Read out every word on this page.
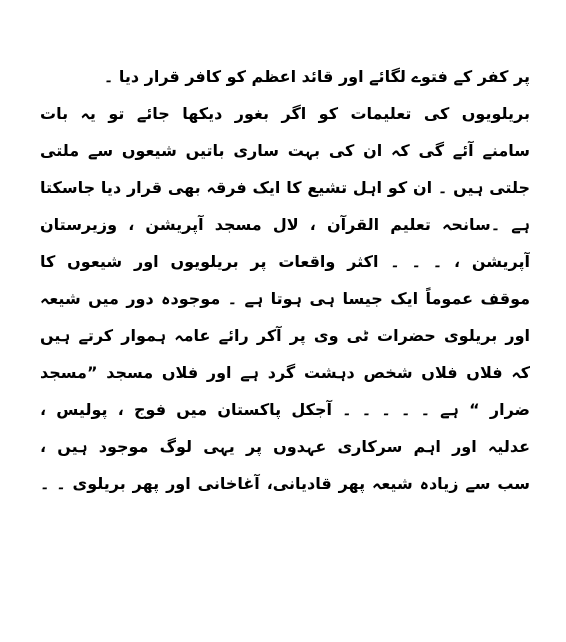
پر کفر کے فتوے لگائے اور قائد اعظم کو کافر قرار دیا ۔
بریلویوں کی تعلیمات کو اگر بغور دیکھا جائے تو یہ بات
سامنے آئے گی کہ ان کی بہت ساری باتیں شیعوں سے ملتی
جلتی ہیں ۔ ان کو اہل تشیع کا ایک فرقہ بھی قرار دیا جاسکتا
ہے ۔سانحہ تعلیم القرآن ، لال مسجد آپریشن ، وزیرستان
آپریشن ، ۔ ۔ ۔ اکثر واقعات پر بریلویوں اور شیعوں کا
موقف عموماً ایک جیسا ہی ہوتا ہے ۔ موجودہ دور میں شیعہ
اور بریلوی حضرات ٹی وی پر آکر رائے عامہ ہموار کرتے ہیں
کہ فلاں فلاں شخص دہشت گرد ہے اور فلاں مسجد ”مسجد
ضرار “ ہے ۔ ۔ ۔ ۔ ۔ آجکل پاکستان میں فوج ، پولیس ،
عدلیہ اور اہم سرکاری عہدوں پر یہی لوگ موجود ہیں ،
سب سے زیادہ شیعہ پھر قادیانی، آغاخانی اور پھر بریلوی ۔ ۔
